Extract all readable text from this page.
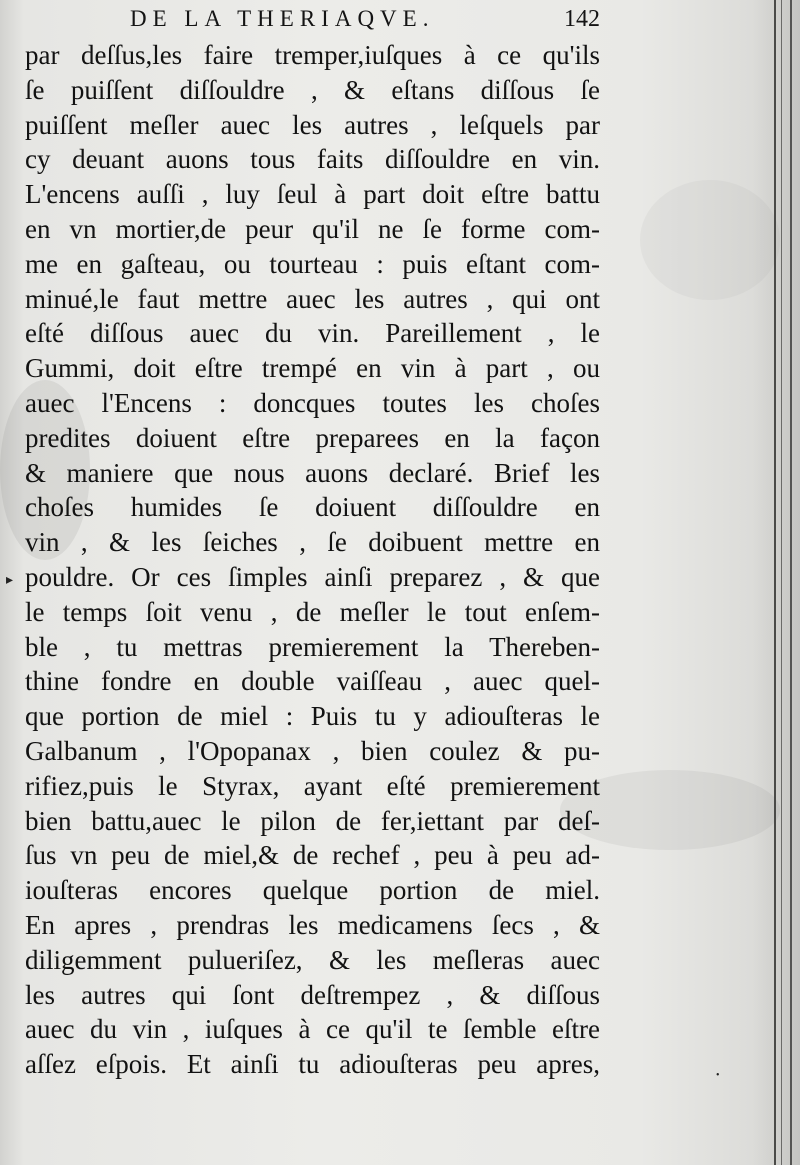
DE LA THERIAQVE.	142
par deſſus,les faire tremper,iuſques à ce qu'ils
ſe puiſſent diſſouldre , & eſtans diſſous ſe
puiſſent meſler auec les autres , leſquels par
cy deuant auons tous faits diſſouldre en vin.
L'encens auſſi , luy ſeul à part doit eſtre battu
en vn mortier,de peur qu'il ne ſe forme com-
me en gaſteau, ou tourteau : puis eſtant com-
minué,le faut mettre auec les autres , qui ont
eſté diſſous auec du vin. Pareillement , le
Gummi, doit eſtre trempé en vin à part , ou
auec l'Encens : doncques toutes les choſes
predites doiuent eſtre preparees en la façon
& maniere que nous auons declaré. Brief les
choſes humides ſe doiuent diſſouldre en
vin , & les ſeiches , ſe doibuent mettre en
pouldre. Or ces ſimples ainſi preparez , & que
le temps ſoit venu , de meſler le tout enſem-
ble , tu mettras premierement la Thereben-
thine fondre en double vaiſſeau , auec quel-
que portion de miel : Puis tu y adiouſteras le
Galbanum , l'Opopanax , bien coulez & pu-
rifiez,puis le Styrax, ayant eſté premierement
bien battu,auec le pilon de fer,iettant par deſ-
ſus vn peu de miel,& de rechef , peu à peu ad-
iouſteras encores quelque portion de miel.
En apres , prendras les medicamens ſecs , &
diligemment pulueriſez, & les meſleras auec
les autres qui ſont deſtrempez , & diſſous
auec du vin , iuſques à ce qu'il te ſemble eſtre
aſſez eſpois. Et ainſi tu adiouſteras peu apres,
▸
•
